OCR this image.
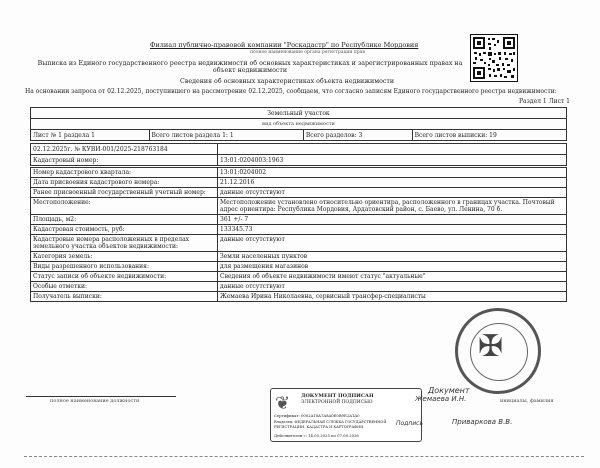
Филиал публично-правовой компании "Роскадастр" по Республике Мордовия
полное наименование органа регистрации прав
Выписка из Единого государственного реестра недвижимости об основных характеристиках и зарегистрированных правах на объект недвижимости
Сведения об основных характеристиках объекта недвижимости
На основании запроса от 02.12.2025, поступившего на рассмотрение 02.12.2025, сообщаем, что согласно записям Единого государственного реестра недвижимости:
Раздел 1 Лист 1
Земельный участок
вид объекта недвижимости
Лист № 1 раздела 1	Всего листов раздела 1: 1	Всего разделов: 3	Всего листов выписки: 19
02.12.2025г. № КУВИ-001/2025-218763184	
Кадастровый номер:	13:01:0204003:1963
Номер кадастрового квартала:	13:01:0204002
Дата присвоения кадастрового номера:	21.12.2016
Ранее присвоенный государственный учетный номер:	данные отсутствуют
Местоположение:	Местоположение установлено относительно ориентира, расположенного в границах участка. Почтовый адрес ориентира: Республика Мордовия, Ардатовский район, с. Баево, ул. Ленина, 70 б.
Площадь, м2:	361 +/- 7
Кадастровая стоимость, руб:	133345.73
Кадастровые номера расположенных в пределах земельного участка объектов недвижимости:	данные отсутствуют
Категория земель:	Земли населенных пунктов
Виды разрешенного использования:	для размещения магазинов
Статус записи об объекте недвижимости:	Сведения об объекте недвижимости имеют статус "актуальные"
Особые отметки:	данные отсутствуют
Получатель выписки:	Жемаева Ирина Николаевна, сервисный трансфер-специалисты
✠
❦ ДОКУМЕНТ ПОДПИСАН
ЭЛЕКТРОННОЙ ПОДПИСЬЮ
Сертификат: 0002A18A7A8A0E0B9E2A1A0
Владелец: ФЕДЕРАЛЬНАЯ СЛУЖБА ГОСУДАРСТВЕННОЙ РЕГИСТРАЦИИ, КАДАСТРА И КАРТОГРАФИИ
Действителен с: 14.05.2025 по 07.08.2026
полное наименование должности
Документ
инициалы, фамилия
Жемаева И.Н.
Подпись	Приваркова В.В.
